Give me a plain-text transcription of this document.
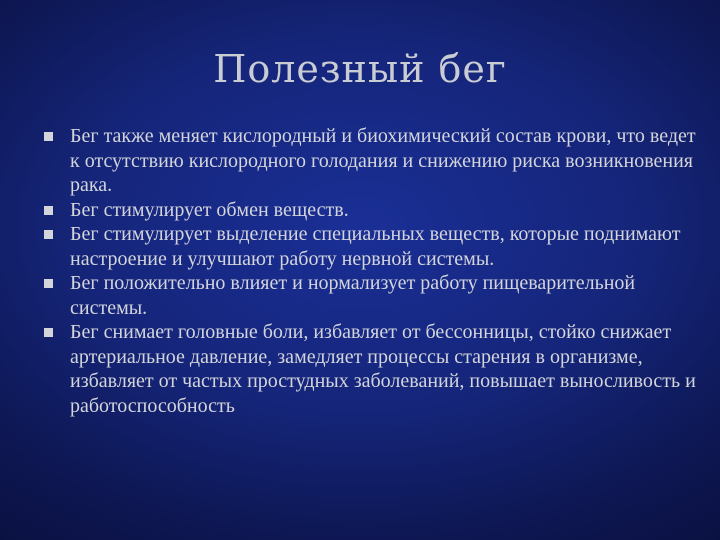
Полезный бег
Бег также меняет кислородный и биохимический состав крови, что ведет к отсутствию кислородного голодания и снижению риска возникновения рака.
Бег стимулирует обмен веществ.
Бег стимулирует выделение специальных веществ, которые поднимают настроение и улучшают работу нервной системы.
Бег положительно влияет и нормализует работу пищеварительной системы.
Бег снимает головные боли, избавляет от бессонницы, стойко снижает артериальное давление, замедляет процессы старения в организме, избавляет от частых простудных заболеваний, повышает выносливость и работоспособность
